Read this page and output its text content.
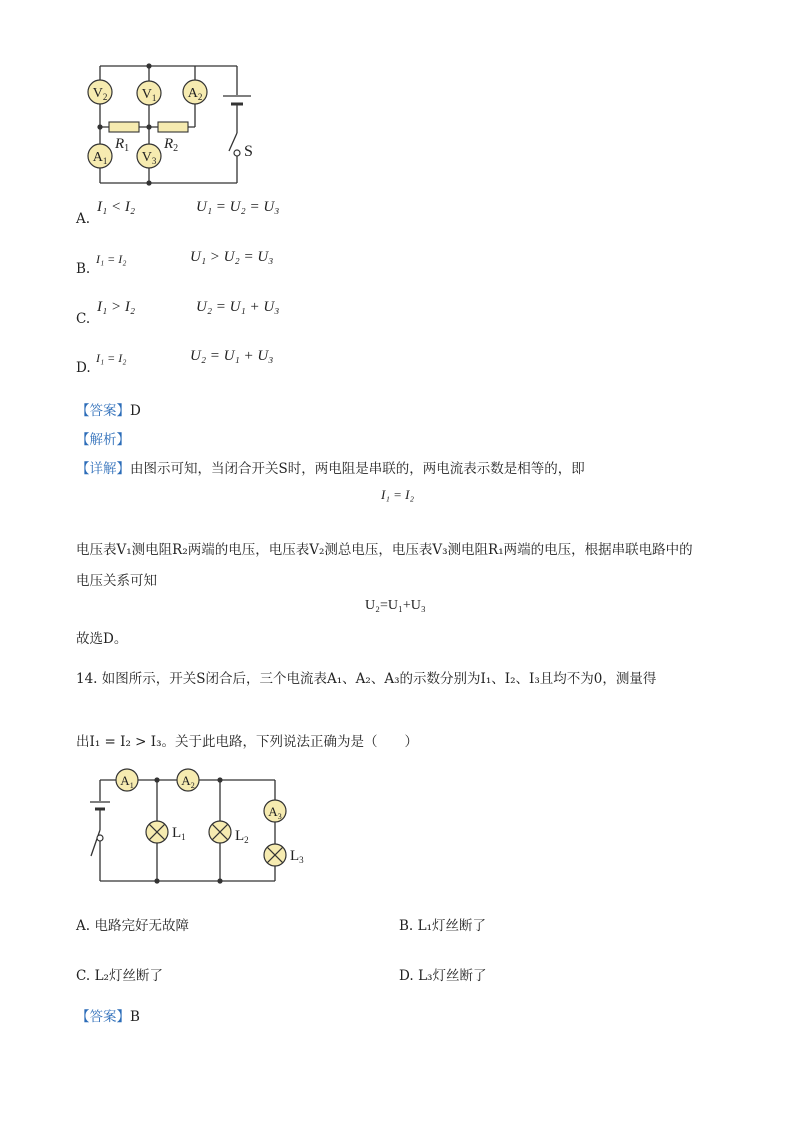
$V_2$ $V_1$ $A_2$
$A_1$ $V_3$
$R_1$ $R_2$	S
A.
I₁ < I₂	U₁ = U₂ = U₃
B.
I₁ = I₂	U₁ > U₂ = U₃
C.
I₁ > I₂	U₂ = U₁ + U₃
D.
I₁ = I₂	U₂ = U₁ + U₃
【答案】D
【解析】
【详解】由图示可知，当闭合开关S时，两电阻是串联的，两电流表示数是相等的，即
I₁ = I₂
电压表V₁测电阻R₂两端的电压，电压表V₂测总电压，电压表V₃测电阻R₁两端的电压，根据串联电路中的
电压关系可知
U₂=U₁+U₃
故选D。
14. 如图所示，开关S闭合后，三个电流表A₁、A₂、A₃的示数分别为I₁、I₂、I₃且均不为0，测量得
出I₁ = I₂ > I₃。关于此电路，下列说法正确为是（　　）
$A_1$	$A_2$
$A_3$
$L_1$	$L_2$
$L_3$
A. 电路完好无故障	B. L₁灯丝断了
C. L₂灯丝断了	D. L₃灯丝断了
【答案】B
